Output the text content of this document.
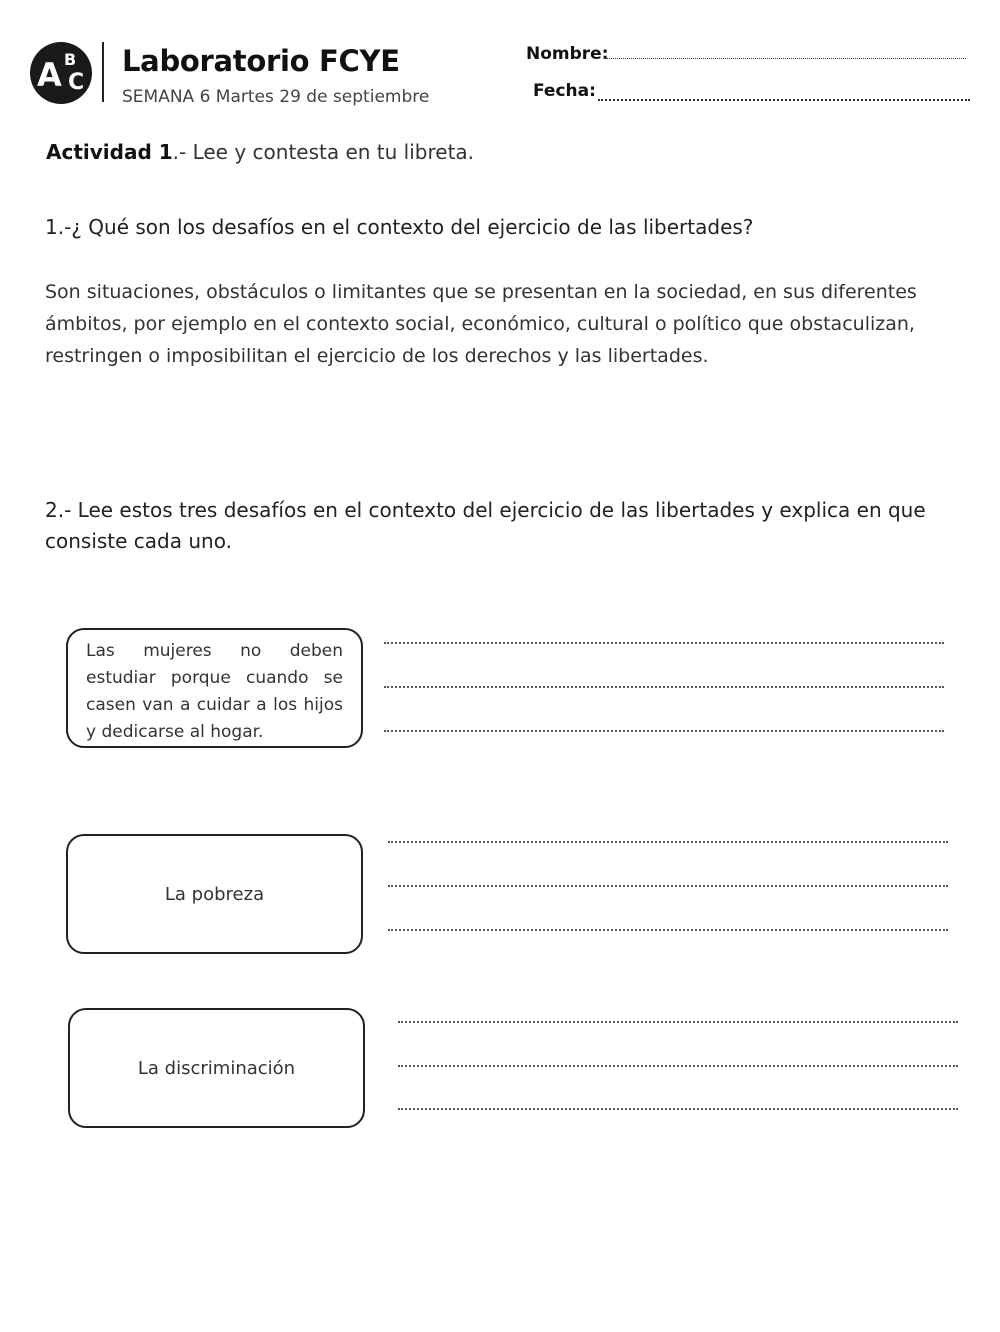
A B
C
Laboratorio FCYE
SEMANA 6 Martes 29 de septiembre
Nombre:
Fecha:
Actividad 1.- Lee y contesta en tu libreta.
1.-¿ Qué son los desafíos en el contexto del ejercicio de las libertades?
Son situaciones, obstáculos o limitantes que se presentan en la sociedad, en sus diferentes ámbitos, por ejemplo en el contexto social, económico, cultural o político que obstaculizan, restringen o imposibilitan el ejercicio de los derechos y las libertades.
2.- Lee estos tres desafíos en el contexto del ejercicio de las libertades y explica en que consiste cada uno.

Las mujeres no deben estudiar porque cuando se casen van a cuidar a los hijos y dedicarse al hogar.

La pobreza
La discriminación
